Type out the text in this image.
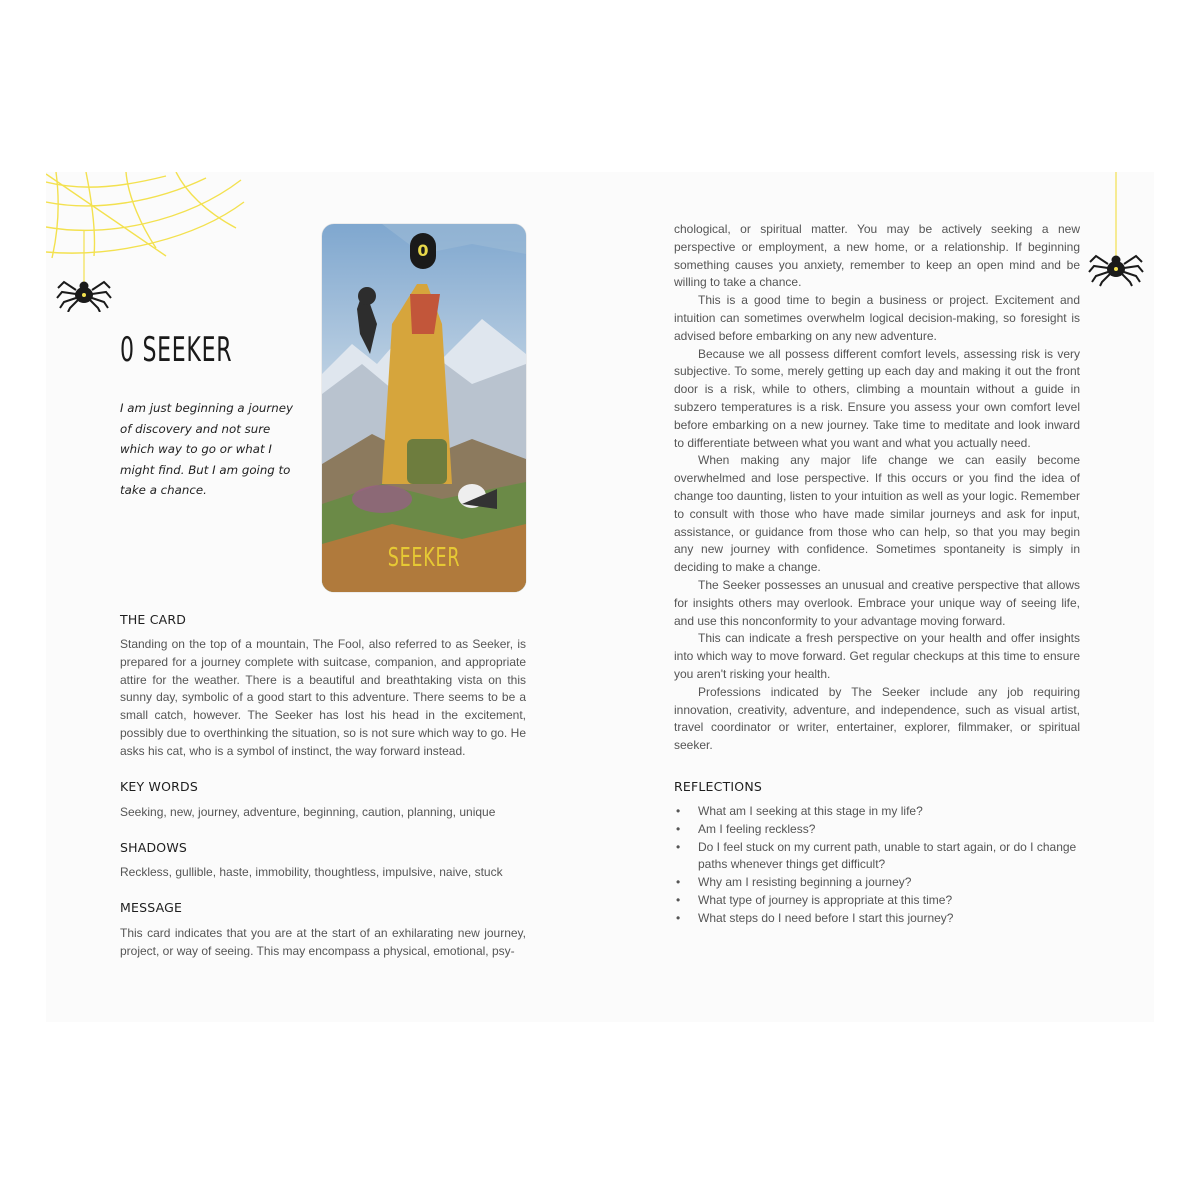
0 SEEKER
I am just beginning a journey of discovery and not sure which way to go or what I might find. But I am going to take a chance.
0
SEEKER
THE CARD

Standing on the top of a mountain, The Fool, also referred to as Seeker, is prepared for a journey complete with suitcase, companion, and appropriate attire for the weather. There is a beautiful and breathtaking vista on this sunny day, symbolic of a good start to this adventure. There seems to be a small catch, however. The Seeker has lost his head in the excitement, possibly due to overthinking the situation, so is not sure which way to go. He asks his cat, who is a symbol of instinct, the way forward instead.

KEY WORDS
Seeking, new, journey, adventure, beginning, caution, planning, unique
SHADOWS
Reckless, gullible, haste, immobility, thoughtless, impulsive, naive, stuck
MESSAGE
This card indicates that you are at the start of an exhilarating new journey, project, or way of seeing. This may encompass a physical, emotional, psy-

chological, or spiritual matter. You may be actively seeking a new perspective or employment, a new home, or a relationship. If beginning something causes you anxiety, remember to keep an open mind and be willing to take a chance.

This is a good time to begin a business or project. Excitement and intuition can sometimes overwhelm logical decision-making, so foresight is advised before embarking on any new adventure.

Because we all possess different comfort levels, assessing risk is very subjective. To some, merely getting up each day and making it out the front door is a risk, while to others, climbing a mountain without a guide in subzero temperatures is a risk. Ensure you assess your own comfort level before embarking on a new journey. Take time to meditate and look inward to differentiate between what you want and what you actually need.

When making any major life change we can easily become overwhelmed and lose perspective. If this occurs or you find the idea of change too daunting, listen to your intuition as well as your logic. Remember to consult with those who have made similar journeys and ask for input, assistance, or guidance from those who can help, so that you may begin any new journey with confidence. Sometimes spontaneity is simply in deciding to make a change.

The Seeker possesses an unusual and creative perspective that allows for insights others may overlook. Embrace your unique way of seeing life, and use this nonconformity to your advantage moving forward.

This can indicate a fresh perspective on your health and offer insights into which way to move forward. Get regular checkups at this time to ensure you aren't risking your health.

Professions indicated by The Seeker include any job requiring innovation, creativity, adventure, and independence, such as visual artist, travel coordinator or writer, entertainer, explorer, filmmaker, or spiritual seeker.

REFLECTIONS
• What am I seeking at this stage in my life?
• Am I feeling reckless?
• Do I feel stuck on my current path, unable to start again, or do I change paths whenever things get difficult?
• Why am I resisting beginning a journey?
• What type of journey is appropriate at this time?
• What steps do I need before I start this journey?
